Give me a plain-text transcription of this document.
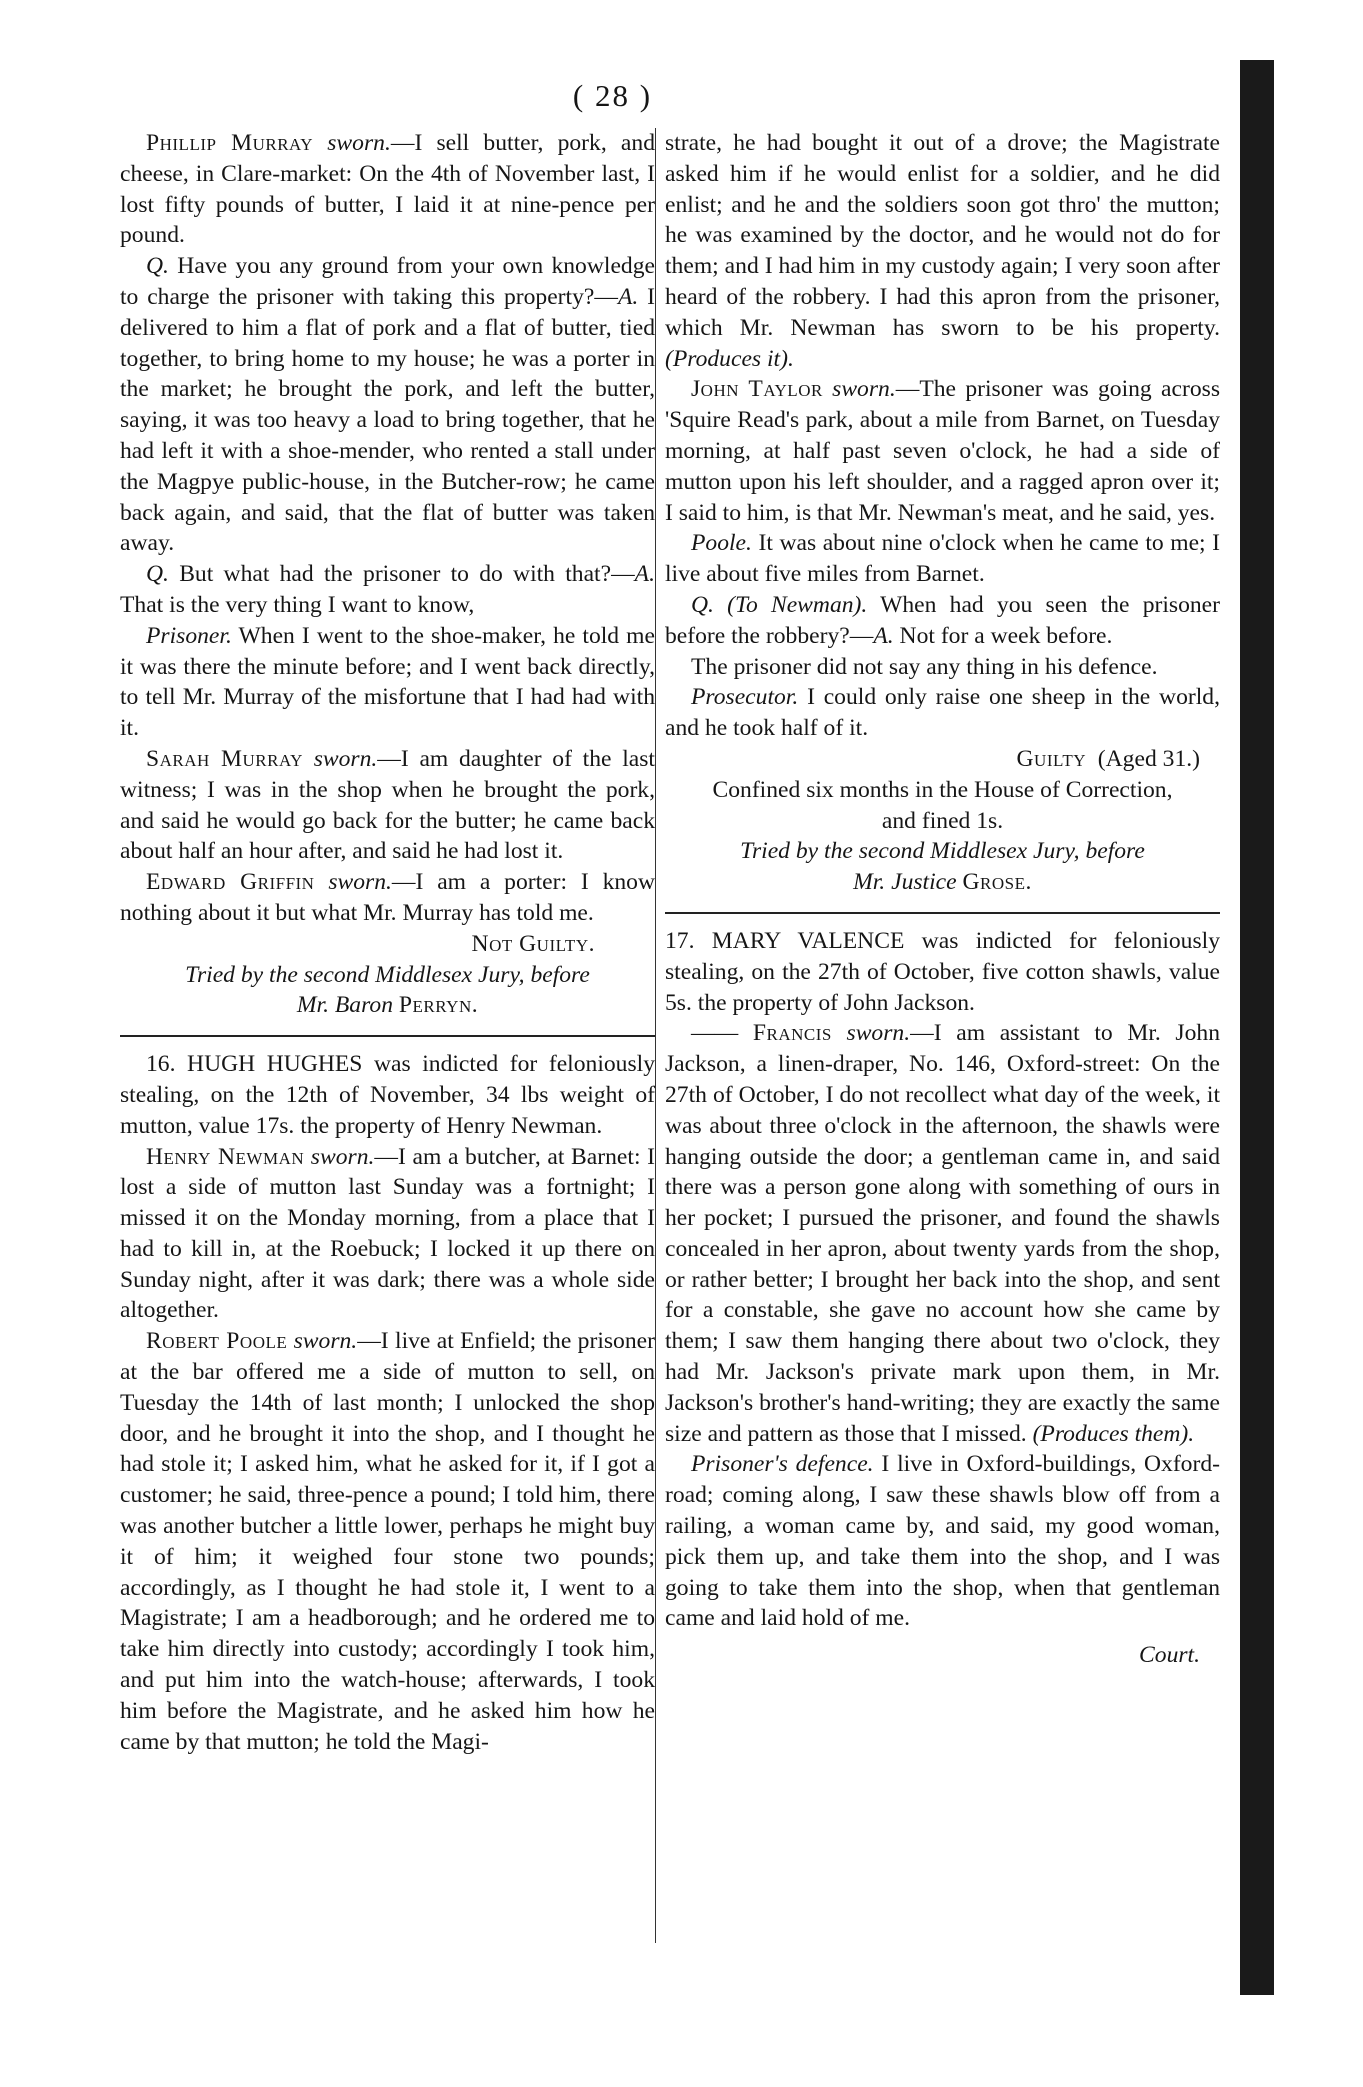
( 28 )

Phillip Murray sworn.—I sell butter, pork, and cheese, in Clare-market: On the 4th of November last, I lost fifty pounds of butter, I laid it at nine-pence per pound.

Q. Have you any ground from your own knowledge to charge the prisoner with taking this property?—A. I delivered to him a flat of pork and a flat of butter, tied together, to bring home to my house; he was a porter in the market; he brought the pork, and left the butter, saying, it was too heavy a load to bring together, that he had left it with a shoe-mender, who rented a stall under the Magpye public-house, in the Butcher-row; he came back again, and said, that the flat of butter was taken away.

Q. But what had the prisoner to do with that?—A. That is the very thing I want to know,

Prisoner. When I went to the shoe-maker, he told me it was there the minute before; and I went back directly, to tell Mr. Murray of the misfortune that I had had with it.

Sarah Murray sworn.—I am daughter of the last witness; I was in the shop when he brought the pork, and said he would go back for the butter; he came back about half an hour after, and said he had lost it.

Edward Griffin sworn.—I am a porter: I know nothing about it but what Mr. Murray has told me.

Not Guilty.

Tried by the second Middlesex Jury, before

Mr. Baron Perryn.

16. HUGH HUGHES was indicted for feloniously stealing, on the 12th of November, 34 lbs weight of mutton, value 17s. the property of Henry Newman.

Henry Newman sworn.—I am a butcher, at Barnet: I lost a side of mutton last Sunday was a fortnight; I missed it on the Monday morning, from a place that I had to kill in, at the Roebuck; I locked it up there on Sunday night, after it was dark; there was a whole side altogether.

Robert Poole sworn.—I live at Enfield; the prisoner at the bar offered me a side of mutton to sell, on Tuesday the 14th of last month; I unlocked the shop door, and he brought it into the shop, and I thought he had stole it; I asked him, what he asked for it, if I got a customer; he said, three-pence a pound; I told him, there was another butcher a little lower, perhaps he might buy it of him; it weighed four stone two pounds; accordingly, as I thought he had stole it, I went to a Magistrate; I am a headborough; and he ordered me to take him directly into custody; accordingly I took him, and put him into the watch-house; afterwards, I took him before the Magistrate, and he asked him how he came by that mutton; he told the Magi-

strate, he had bought it out of a drove; the Magistrate asked him if he would enlist for a soldier, and he did enlist; and he and the soldiers soon got thro' the mutton; he was examined by the doctor, and he would not do for them; and I had him in my custody again; I very soon after heard of the robbery. I had this apron from the prisoner, which Mr. Newman has sworn to be his property. (Produces it).

John Taylor sworn.—The prisoner was going across 'Squire Read's park, about a mile from Barnet, on Tuesday morning, at half past seven o'clock, he had a side of mutton upon his left shoulder, and a ragged apron over it; I said to him, is that Mr. Newman's meat, and he said, yes.

Poole. It was about nine o'clock when he came to me; I live about five miles from Barnet.

Q. (To Newman). When had you seen the prisoner before the robbery?—A. Not for a week before.

The prisoner did not say any thing in his defence.

Prosecutor. I could only raise one sheep in the world, and he took half of it.

Guilty (Aged 31.)

Confined six months in the House of Correction,

and fined 1s.

Tried by the second Middlesex Jury, before

Mr. Justice Grose.

17. MARY VALENCE was indicted for feloniously stealing, on the 27th of October, five cotton shawls, value 5s. the property of John Jackson.

—— Francis sworn.—I am assistant to Mr. John Jackson, a linen-draper, No. 146, Oxford-street: On the 27th of October, I do not recollect what day of the week, it was about three o'clock in the afternoon, the shawls were hanging outside the door; a gentleman came in, and said there was a person gone along with something of ours in her pocket; I pursued the prisoner, and found the shawls concealed in her apron, about twenty yards from the shop, or rather better; I brought her back into the shop, and sent for a constable, she gave no account how she came by them; I saw them hanging there about two o'clock, they had Mr. Jackson's private mark upon them, in Mr. Jackson's brother's hand-writing; they are exactly the same size and pattern as those that I missed. (Produces them).

Prisoner's defence. I live in Oxford-buildings, Oxford-road; coming along, I saw these shawls blow off from a railing, a woman came by, and said, my good woman, pick them up, and take them into the shop, and I was going to take them into the shop, when that gentleman came and laid hold of me.

Court.
